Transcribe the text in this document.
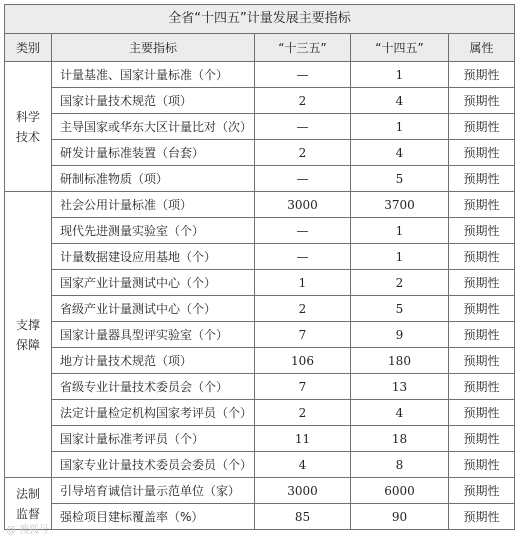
全省“十四五”计量发展主要指标				
类别	主要指标	“十三五”	“十四五”	属性

科学
技术	计量基准、国家计量标准（个）	—	1	预期性
	国家计量技术规范（项）	2	4	预期性
	主导国家或华东大区计量比对（次）	—	1	预期性
	研发计量标准装置（台套）	2	4	预期性
	研制标准物质（项）	—	5	预期性

支撑
保障	社会公用计量标准（项）	3000	3700	预期性
	现代先进测量实验室（个）	—	1	预期性
	计量数据建设应用基地（个）	—	1	预期性
	国家产业计量测试中心（个）	1	2	预期性
	省级产业计量测试中心（个）	2	5	预期性
	国家计量器具型评实验室（个）	7	9	预期性
	地方计量技术规范（项）	106	180	预期性
	省级专业计量技术委员会（个）	7	13	预期性
	法定计量检定机构国家考评员（个）	2	4	预期性
	国家计量标准考评员（个）	11	18	预期性
	国家专业计量技术委员会委员（个）	4	8	预期性

法制
监督	引导培育诚信计量示范单位（家）	3000	6000	预期性
	强检项目建标覆盖率（%）	85	90	预期性
@ 搜狐号
